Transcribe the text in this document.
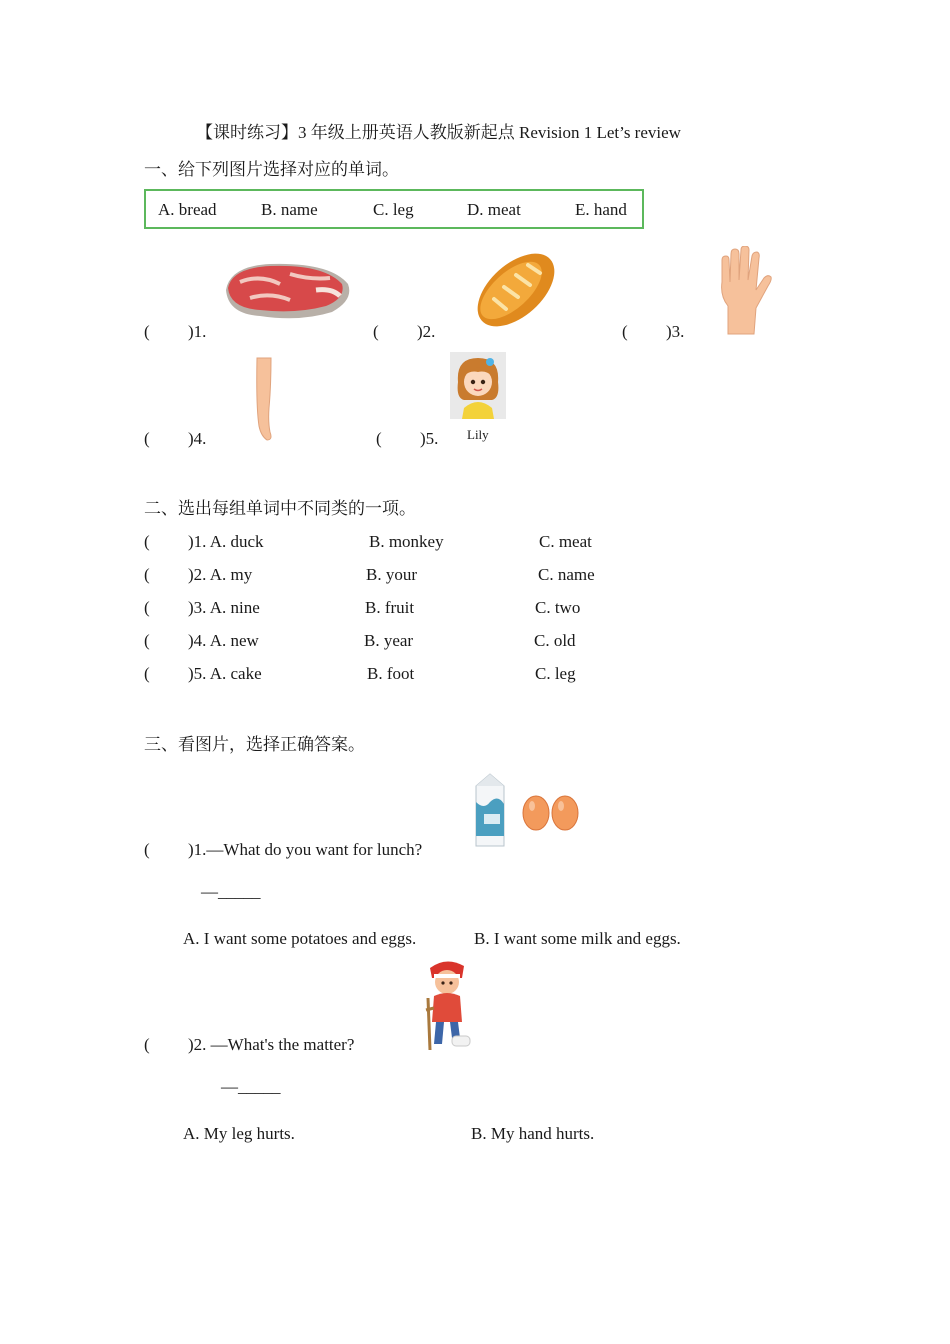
【课时练习】3 年级上册英语人教版新起点 Revision 1 Let’s review
一、给下列图片选择对应的单词。
A. bread	B. name	C. leg	D. meat	E. hand
( )1.	( )2.	( )3.
( )4.	( )5. Lily
二、选出每组单词中不同类的一项。
( )1. A. duck	B. monkey	C. meat
( )2. A. my	B. your	C. name
( )3. A. nine	B. fruit	C. two
( )4. A. new	B. year	C. old
( )5. A. cake	B. foot	C. leg
三、看图片，选择正确答案。
( )1.—What do you want for lunch?
—_____
A. I want some potatoes and eggs.	B. I want some milk and eggs.
( )2. —What's the matter?
—_____
A. My leg hurts.	B. My hand hurts.
